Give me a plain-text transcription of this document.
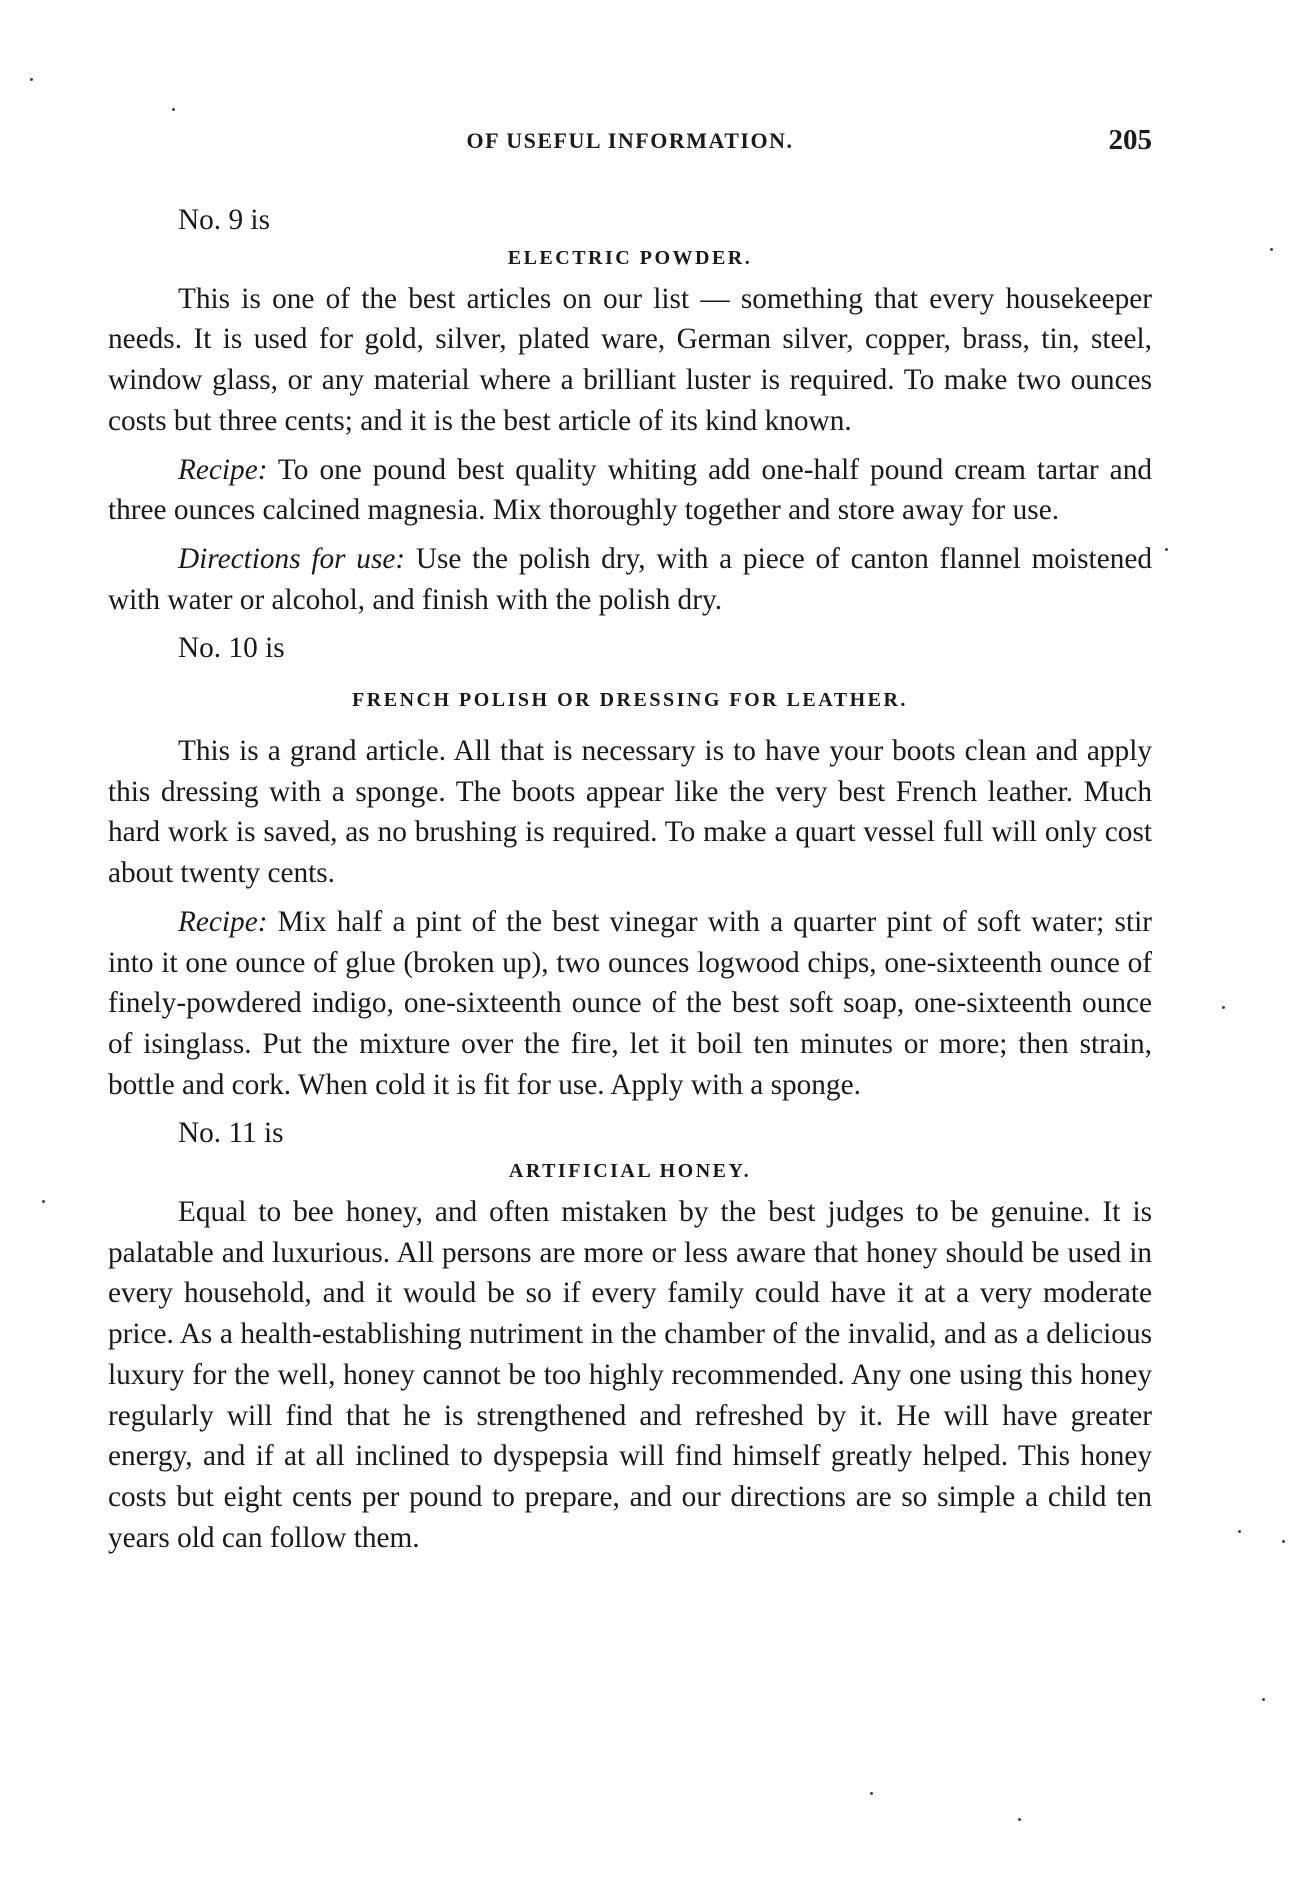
OF USEFUL INFORMATION.	205

No. 9 is

ELECTRIC POWDER.

This is one of the best articles on our list — something that every housekeeper needs. It is used for gold, silver, plated ware, German silver, copper, brass, tin, steel, window glass, or any material where a brilliant luster is required. To make two ounces costs but three cents; and it is the best article of its kind known.

Recipe: To one pound best quality whiting add one-half pound cream tartar and three ounces calcined magnesia. Mix thoroughly together and store away for use.

Directions for use: Use the polish dry, with a piece of canton flannel moistened with water or alcohol, and finish with the polish dry.

No. 10 is

FRENCH POLISH OR DRESSING FOR LEATHER.

This is a grand article. All that is necessary is to have your boots clean and apply this dressing with a sponge. The boots appear like the very best French leather. Much hard work is saved, as no brushing is required. To make a quart vessel full will only cost about twenty cents.

Recipe: Mix half a pint of the best vinegar with a quarter pint of soft water; stir into it one ounce of glue (broken up), two ounces logwood chips, one-sixteenth ounce of finely-powdered indigo, one-sixteenth ounce of the best soft soap, one-sixteenth ounce of isinglass. Put the mixture over the fire, let it boil ten minutes or more; then strain, bottle and cork. When cold it is fit for use. Apply with a sponge.

No. 11 is

ARTIFICIAL HONEY.

Equal to bee honey, and often mistaken by the best judges to be genuine. It is palatable and luxurious. All persons are more or less aware that honey should be used in every household, and it would be so if every family could have it at a very moderate price. As a health-establishing nutriment in the chamber of the invalid, and as a delicious luxury for the well, honey cannot be too highly recommended. Any one using this honey regularly will find that he is strengthened and refreshed by it. He will have greater energy, and if at all inclined to dyspepsia will find himself greatly helped. This honey costs but eight cents per pound to prepare, and our directions are so simple a child ten years old can follow them.
